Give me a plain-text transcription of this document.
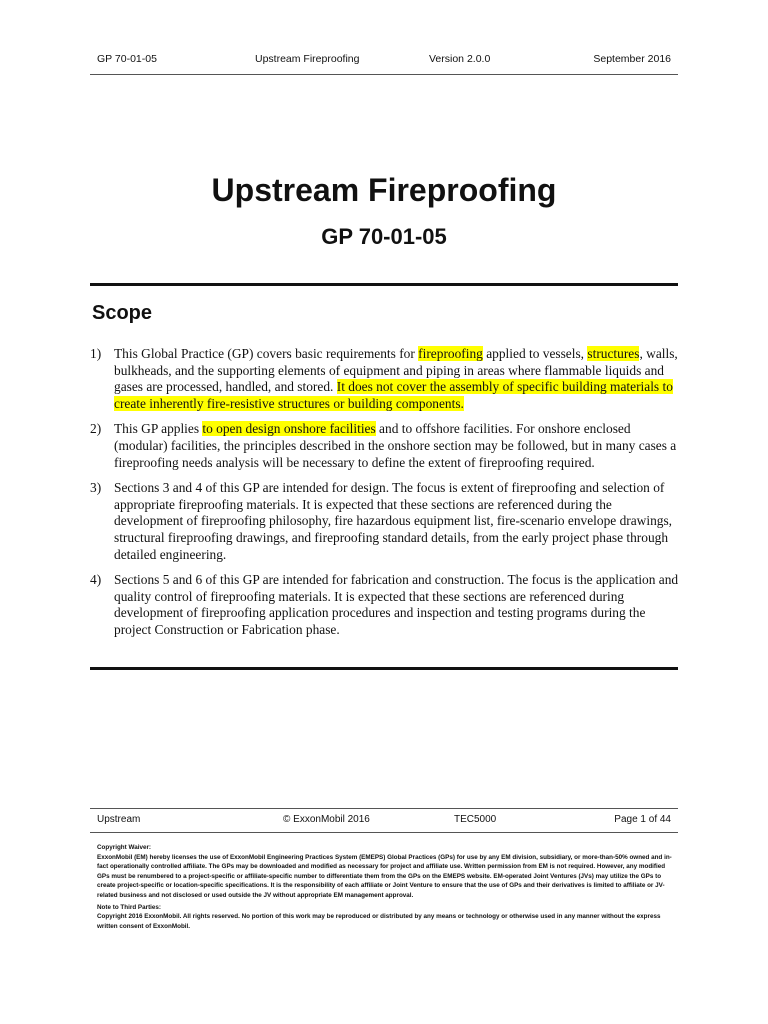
GP 70-01-05	Upstream Fireproofing	Version 2.0.0	September 2016
Upstream Fireproofing
GP 70-01-05
Scope
1) This Global Practice (GP) covers basic requirements for fireproofing applied to vessels, structures, walls, bulkheads, and the supporting elements of equipment and piping in areas where flammable liquids and gases are processed, handled, and stored. It does not cover the assembly of specific building materials to create inherently fire-resistive structures or building components.
2) This GP applies to open design onshore facilities and to offshore facilities. For onshore enclosed (modular) facilities, the principles described in the onshore section may be followed, but in many cases a fireproofing needs analysis will be necessary to define the extent of fireproofing required.
3) Sections 3 and 4 of this GP are intended for design. The focus is extent of fireproofing and selection of appropriate fireproofing materials. It is expected that these sections are referenced during the development of fireproofing philosophy, fire hazardous equipment list, fire-scenario envelope drawings, structural fireproofing drawings, and fireproofing standard details, from the early project phase through detailed engineering.
4) Sections 5 and 6 of this GP are intended for fabrication and construction. The focus is the application and quality control of fireproofing materials. It is expected that these sections are referenced during development of fireproofing application procedures and inspection and testing programs during the project Construction or Fabrication phase.
Upstream	© ExxonMobil 2016	TEC5000	Page 1 of 44

Copyright Waiver:

ExxonMobil (EM) hereby licenses the use of ExxonMobil Engineering Practices System (EMEPS) Global Practices (GPs) for use by any EM division, subsidiary, or more-than-50% owned and in-fact operationally controlled affiliate. The GPs may be downloaded and modified as necessary for project and affiliate use. Written permission from EM is not required. However, any modified GPs must be renumbered to a project-specific or affiliate-specific number to differentiate them from the GPs on the EMEPS website. EM-operated Joint Ventures (JVs) may utilize the GPs to create project-specific or location-specific specifications. It is the responsibility of each affiliate or Joint Venture to ensure that the use of GPs and their derivatives is limited to affiliate or JV-related business and not disclosed or used outside the JV without appropriate EM management approval.

Note to Third Parties:

Copyright 2016 ExxonMobil. All rights reserved. No portion of this work may be reproduced or distributed by any means or technology or otherwise used in any manner without the express written consent of ExxonMobil.
